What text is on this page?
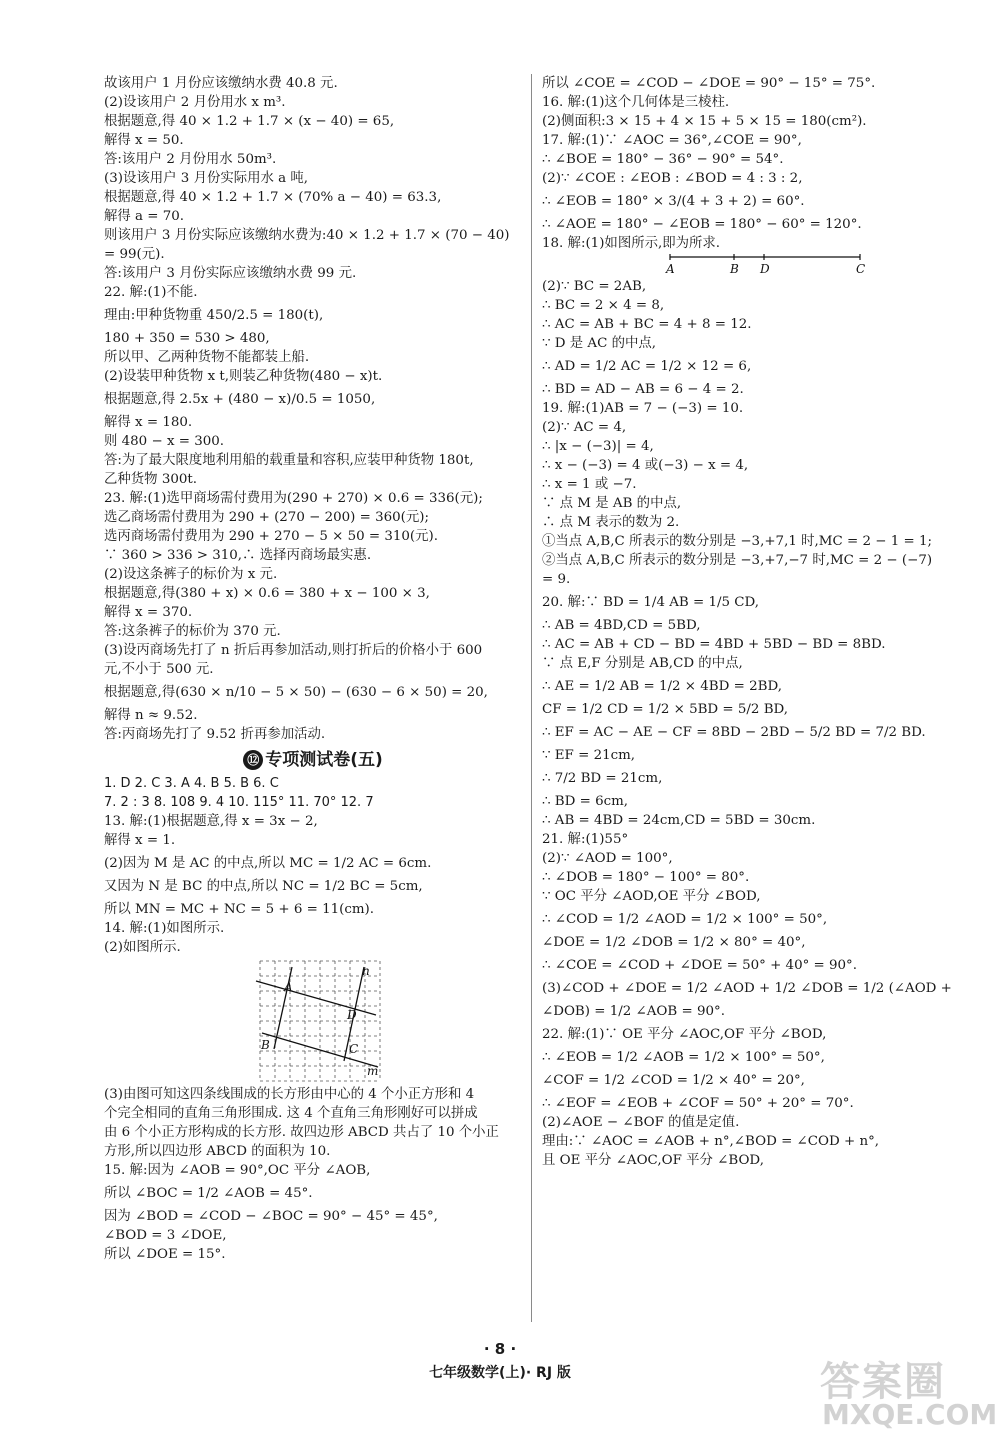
故该用户 1 月份应该缴纳水费 40.8 元.
(2)设该用户 2 月份用水 x m³.
根据题意,得 40 × 1.2 + 1.7 × (x − 40) = 65,
解得 x = 50.
答:该用户 2 月份用水 50m³.
(3)设该用户 3 月份实际用水 a 吨,
根据题意,得 40 × 1.2 + 1.7 × (70% a − 40) = 63.3,
解得 a = 70.
则该用户 3 月份实际应该缴纳水费为:40 × 1.2 + 1.7 × (70 − 40)
= 99(元).
答:该用户 3 月份实际应该缴纳水费 99 元.
22. 解:(1)不能.
理由:甲种货物重 450/2.5 = 180(t),
180 + 350 = 530 > 480,
所以甲、乙两种货物不能都装上船.
(2)设装甲种货物 x t,则装乙种货物(480 − x)t.
根据题意,得 2.5x + (480 − x)/0.5 = 1050,
解得 x = 180.
则 480 − x = 300.
答:为了最大限度地利用船的载重量和容积,应装甲种货物 180t,
乙种货物 300t.
23. 解:(1)选甲商场需付费用为(290 + 270) × 0.6 = 336(元);
选乙商场需付费用为 290 + (270 − 200) = 360(元);
选丙商场需付费用为 290 + 270 − 5 × 50 = 310(元).
∵ 360 > 336 > 310,∴ 选择丙商场最实惠.
(2)设这条裤子的标价为 x 元.
根据题意,得(380 + x) × 0.6 = 380 + x − 100 × 3,
解得 x = 370.
答:这条裤子的标价为 370 元.
(3)设丙商场先打了 n 折后再参加活动,则打折后的价格小于 600
元,不小于 500 元.
根据题意,得(630 × n/10 − 5 × 50) − (630 − 6 × 50) = 20,
解得 n ≈ 9.52.
答:丙商场先打了 9.52 折再参加活动.
⑫ 专项测试卷(五)
1. D 2. C 3. A 4. B 5. B 6. C
7. 2 : 3 8. 108 9. 4 10. 115° 11. 70° 12. 7
13. 解:(1)根据题意,得 x = 3x − 2,
解得 x = 1.
(2)因为 M 是 AC 的中点,所以 MC = 1/2 AC = 6cm.
又因为 N 是 BC 的中点,所以 NC = 1/2 BC = 5cm,
所以 MN = MC + NC = 5 + 6 = 11(cm).
14. 解:(1)如图所示.
(2)如图所示.
A
B	C
D
n
m
(3)由图可知这四条线围成的长方形由中心的 4 个小正方形和 4
个完全相同的直角三角形围成. 这 4 个直角三角形刚好可以拼成
由 6 个小正方形构成的长方形. 故四边形 ABCD 共占了 10 个小正
方形,所以四边形 ABCD 的面积为 10.
15. 解:因为 ∠AOB = 90°,OC 平分 ∠AOB,
所以 ∠BOC = 1/2 ∠AOB = 45°.
因为 ∠BOD = ∠COD − ∠BOC = 90° − 45° = 45°,
∠BOD = 3 ∠DOE,
所以 ∠DOE = 15°.
所以 ∠COE = ∠COD − ∠DOE = 90° − 15° = 75°.
16. 解:(1)这个几何体是三棱柱.
(2)侧面积:3 × 15 + 4 × 15 + 5 × 15 = 180(cm²).
17. 解:(1)∵ ∠AOC = 36°,∠COE = 90°,
∴ ∠BOE = 180° − 36° − 90° = 54°.
(2)∵ ∠COE : ∠EOB : ∠BOD = 4 : 3 : 2,
∴ ∠EOB = 180° × 3/(4 + 3 + 2) = 60°.
∴ ∠AOE = 180° − ∠EOB = 180° − 60° = 120°.
18. 解:(1)如图所示,即为所求.
A	B D	C
(2)∵ BC = 2AB,
∴ BC = 2 × 4 = 8,
∴ AC = AB + BC = 4 + 8 = 12.
∵ D 是 AC 的中点,
∴ AD = 1/2 AC = 1/2 × 12 = 6,
∴ BD = AD − AB = 6 − 4 = 2.
19. 解:(1)AB = 7 − (−3) = 10.
(2)∵ AC = 4,
∴ |x − (−3)| = 4,
∴ x − (−3) = 4 或(−3) − x = 4,
∴ x = 1 或 −7.
∵ 点 M 是 AB 的中点,
∴ 点 M 表示的数为 2.
①当点 A,B,C 所表示的数分别是 −3,+7,1 时,MC = 2 − 1 = 1;
②当点 A,B,C 所表示的数分别是 −3,+7,−7 时,MC = 2 − (−7)
= 9.
20. 解:∵ BD = 1/4 AB = 1/5 CD,
∴ AB = 4BD,CD = 5BD,
∴ AC = AB + CD − BD = 4BD + 5BD − BD = 8BD.
∵ 点 E,F 分别是 AB,CD 的中点,
∴ AE = 1/2 AB = 1/2 × 4BD = 2BD,
CF = 1/2 CD = 1/2 × 5BD = 5/2 BD,
∴ EF = AC − AE − CF = 8BD − 2BD − 5/2 BD = 7/2 BD.
∵ EF = 21cm,
∴ 7/2 BD = 21cm,
∴ BD = 6cm,
∴ AB = 4BD = 24cm,CD = 5BD = 30cm.
21. 解:(1)55°
(2)∵ ∠AOD = 100°,
∴ ∠DOB = 180° − 100° = 80°.
∵ OC 平分 ∠AOD,OE 平分 ∠BOD,
∴ ∠COD = 1/2 ∠AOD = 1/2 × 100° = 50°,
∠DOE = 1/2 ∠DOB = 1/2 × 80° = 40°,
∴ ∠COE = ∠COD + ∠DOE = 50° + 40° = 90°.
(3)∠COD + ∠DOE = 1/2 ∠AOD + 1/2 ∠DOB = 1/2 (∠AOD +
∠DOB) = 1/2 ∠AOB = 90°.
22. 解:(1)∵ OE 平分 ∠AOC,OF 平分 ∠BOD,
∴ ∠EOB = 1/2 ∠AOB = 1/2 × 100° = 50°,
∠COF = 1/2 ∠COD = 1/2 × 40° = 20°,
∴ ∠EOF = ∠EOB + ∠COF = 50° + 20° = 70°.
(2)∠AOE − ∠BOF 的值是定值.
理由:∵ ∠AOC = ∠AOB + n°,∠BOD = ∠COD + n°,
且 OE 平分 ∠AOC,OF 平分 ∠BOD,
· 8 ·
七年级数学(上)· RJ 版	答案圈
MXQE.COM
